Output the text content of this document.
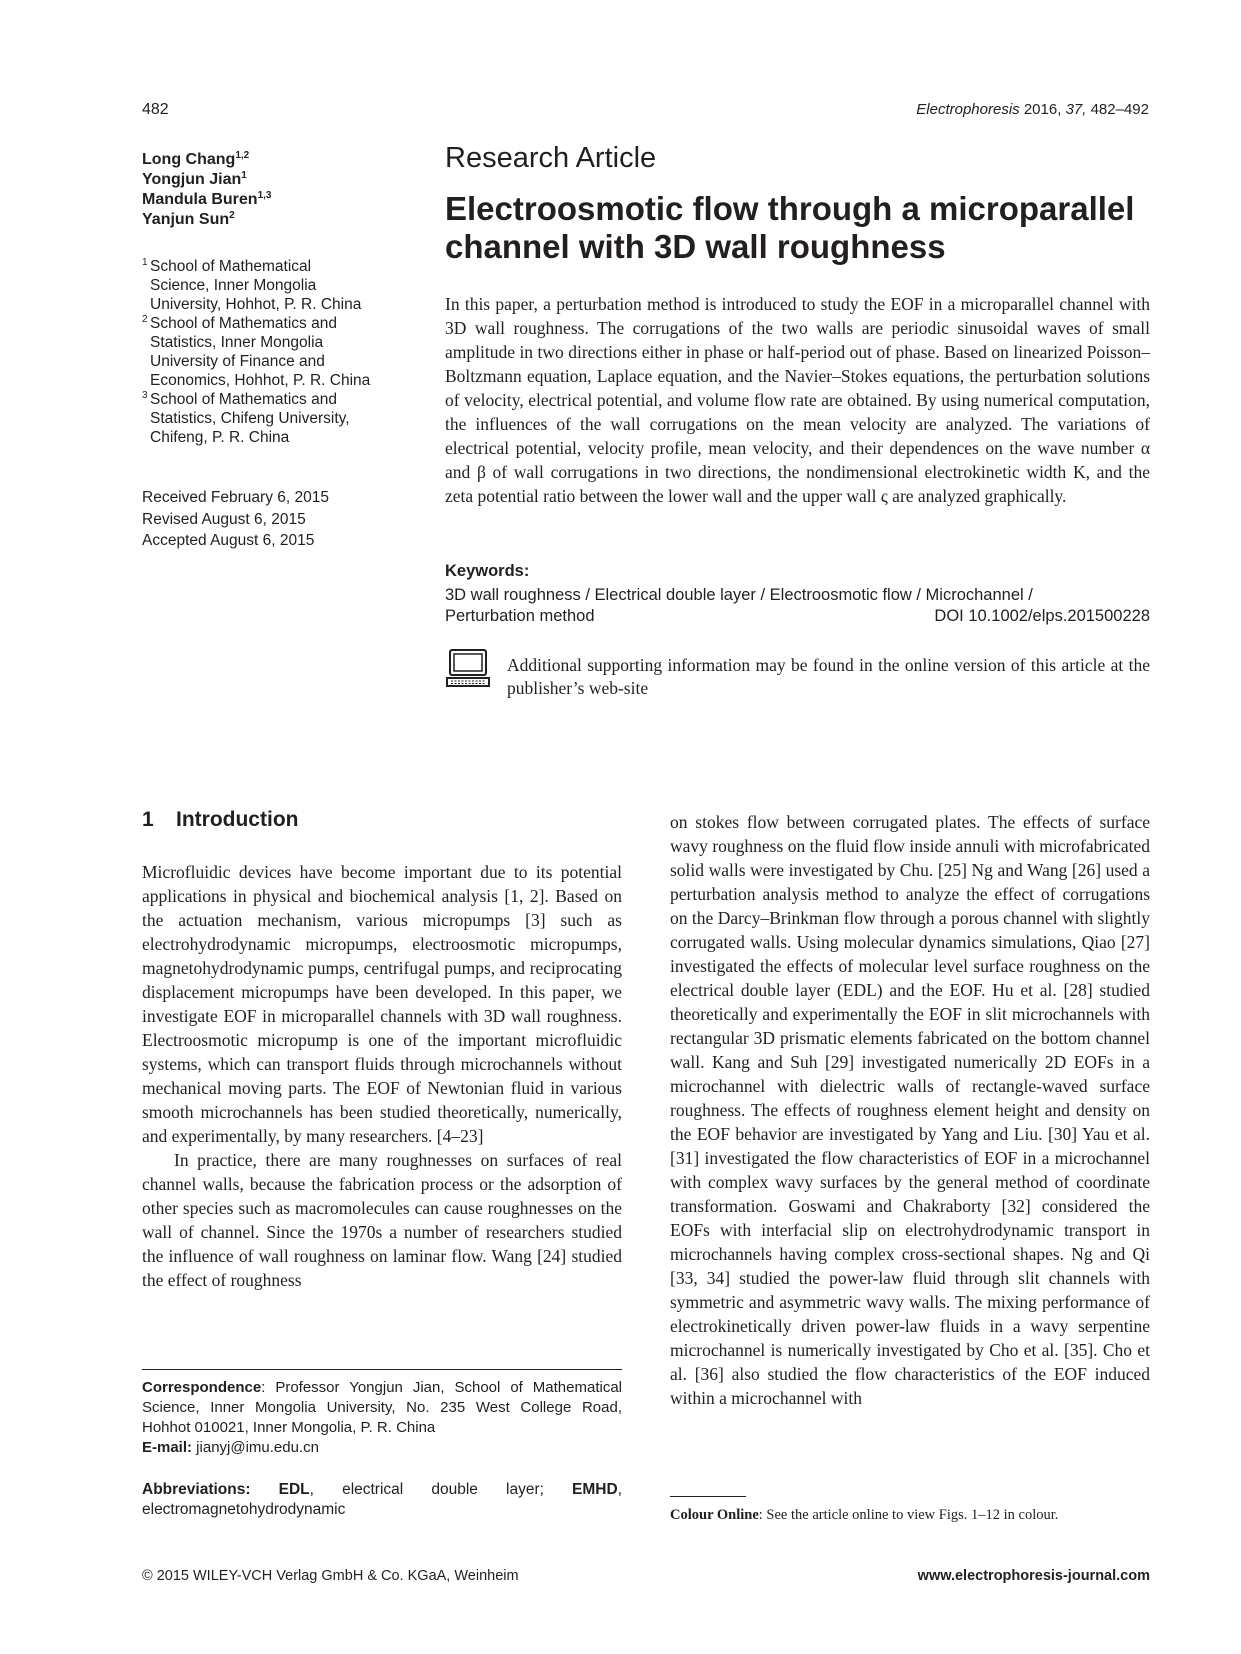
482	Electrophoresis 2016, 37, 482–492
Long Chang$^{1,2}$
Yongjun Jian$^1$
Mandula Buren$^{1,3}$
Yanjun Sun$^2$
1 School of Mathematical
Science, Inner Mongolia
University, Hohhot, P. R. China
2 School of Mathematics and
Statistics, Inner Mongolia
University of Finance and
Economics, Hohhot, P. R. China
3 School of Mathematics and
Statistics, Chifeng University,
Chifeng, P. R. China
Received February 6, 2015
Revised August 6, 2015
Accepted August 6, 2015
Research Article
Electroosmotic flow through a microparallel channel with 3D wall roughness

In this paper, a perturbation method is introduced to study the EOF in a microparallel channel with 3D wall roughness. The corrugations of the two walls are periodic sinusoidal waves of small amplitude in two directions either in phase or half-period out of phase. Based on linearized Poisson–Boltzmann equation, Laplace equation, and the Navier–Stokes equations, the perturbation solutions of velocity, electrical potential, and volume flow rate are obtained. By using numerical computation, the influences of the wall corrugations on the mean velocity are analyzed. The variations of electrical potential, velocity profile, mean velocity, and their dependences on the wave number α and β of wall corrugations in two directions, the nondimensional electrokinetic width K, and the zeta potential ratio between the lower wall and the upper wall ς are analyzed graphically.

Keywords:
3D wall roughness / Electrical double layer / Electroosmotic flow / Microchannel /
Perturbation method	DOI 10.1002/elps.201500228
Additional supporting information may be found in the online version of this article at the publisher’s web-site
1 Introduction

Microfluidic devices have become important due to its potential applications in physical and biochemical analysis [1, 2]. Based on the actuation mechanism, various micropumps [3] such as electrohydrodynamic micropumps, electroosmotic micropumps, magnetohydrodynamic pumps, centrifugal pumps, and reciprocating displacement micropumps have been developed. In this paper, we investigate EOF in microparallel channels with 3D wall roughness. Electroosmotic micropump is one of the important microfluidic systems, which can transport fluids through microchannels without mechanical moving parts. The EOF of Newtonian fluid in various smooth microchannels has been studied theoretically, numerically, and experimentally, by many researchers. [4–23]

In practice, there are many roughnesses on surfaces of real channel walls, because the fabrication process or the adsorption of other species such as macromolecules can cause roughnesses on the wall of channel. Since the 1970s a number of researchers studied the influence of wall roughness on laminar flow. Wang [24] studied the effect of roughness

on stokes flow between corrugated plates. The effects of surface wavy roughness on the fluid flow inside annuli with microfabricated solid walls were investigated by Chu. [25] Ng and Wang [26] used a perturbation analysis method to analyze the effect of corrugations on the Darcy–Brinkman flow through a porous channel with slightly corrugated walls. Using molecular dynamics simulations, Qiao [27] investigated the effects of molecular level surface roughness on the electrical double layer (EDL) and the EOF. Hu et al. [28] studied theoretically and experimentally the EOF in slit microchannels with rectangular 3D prismatic elements fabricated on the bottom channel wall. Kang and Suh [29] investigated numerically 2D EOFs in a microchannel with dielectric walls of rectangle-waved surface roughness. The effects of roughness element height and density on the EOF behavior are investigated by Yang and Liu. [30] Yau et al. [31] investigated the flow characteristics of EOF in a microchannel with complex wavy surfaces by the general method of coordinate transformation. Goswami and Chakraborty [32] considered the EOFs with interfacial slip on electrohydrodynamic transport in microchannels having complex cross-sectional shapes. Ng and Qi [33, 34] studied the power-law fluid through slit channels with symmetric and asymmetric wavy walls. The mixing performance of electrokinetically driven power-law fluids in a wavy serpentine microchannel is numerically investigated by Cho et al. [35]. Cho et al. [36] also studied the flow characteristics of the EOF induced within a microchannel with

Correspondence: Professor Yongjun Jian, School of Mathematical Science, Inner Mongolia University, No. 235 West College Road, Hohhot 010021, Inner Mongolia, P. R. China
E-mail: jianyj@imu.edu.cn
Abbreviations: EDL, electrical double layer; EMHD, electromagnetohydrodynamic	Colour Online: See the article online to view Figs. 1–12 in colour.
© 2015 WILEY-VCH Verlag GmbH & Co. KGaA, Weinheim	www.electrophoresis-journal.com
